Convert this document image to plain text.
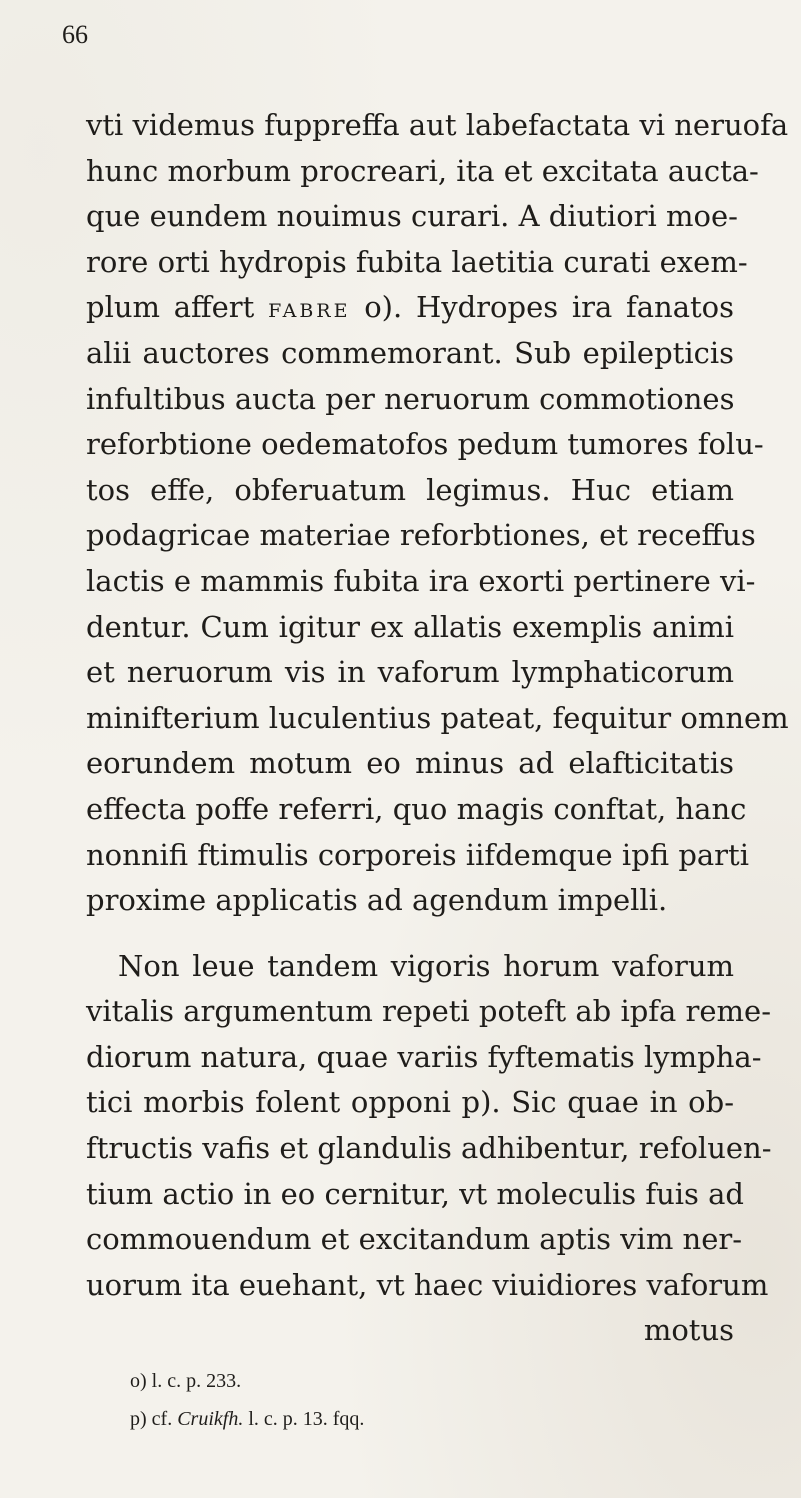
66
vti videmus fuppreffa aut labefactata vi neruofa
hunc morbum procreari, ita et excitata aucta-
que eundem nouimus curari. A diutiori moe-
rore orti hydropis fubita laetitia curati exem-
plum affert FABRE o). Hydropes ira fanatos
alii auctores commemorant. Sub epilepticis
infultibus aucta per neruorum commotiones
reforbtione oedematofos pedum tumores folu-
tos effe, obferuatum legimus. Huc etiam
podagricae materiae reforbtiones, et receffus
lactis e mammis fubita ira exorti pertinere vi-
dentur. Cum igitur ex allatis exemplis animi
et neruorum vis in vaforum lymphaticorum
minifterium luculentius pateat, fequitur omnem
eorundem motum eo minus ad elafticitatis
effecta poffe referri, quo magis conftat, hanc
nonnifi ftimulis corporeis iifdemque ipfi parti
proxime applicatis ad agendum impelli.
Non leue tandem vigoris horum vaforum
vitalis argumentum repeti poteft ab ipfa reme-
diorum natura, quae variis fyftematis lympha-
tici morbis folent opponi p). Sic quae in ob-
ftructis vafis et glandulis adhibentur, refoluen-
tium actio in eo cernitur, vt moleculis fuis ad
commouendum et excitandum aptis vim ner-
uorum ita euehant, vt haec viuidiores vaforum
motus
o) l. c. p. 233.
p) cf. Cruikfh. l. c. p. 13. fqq.
